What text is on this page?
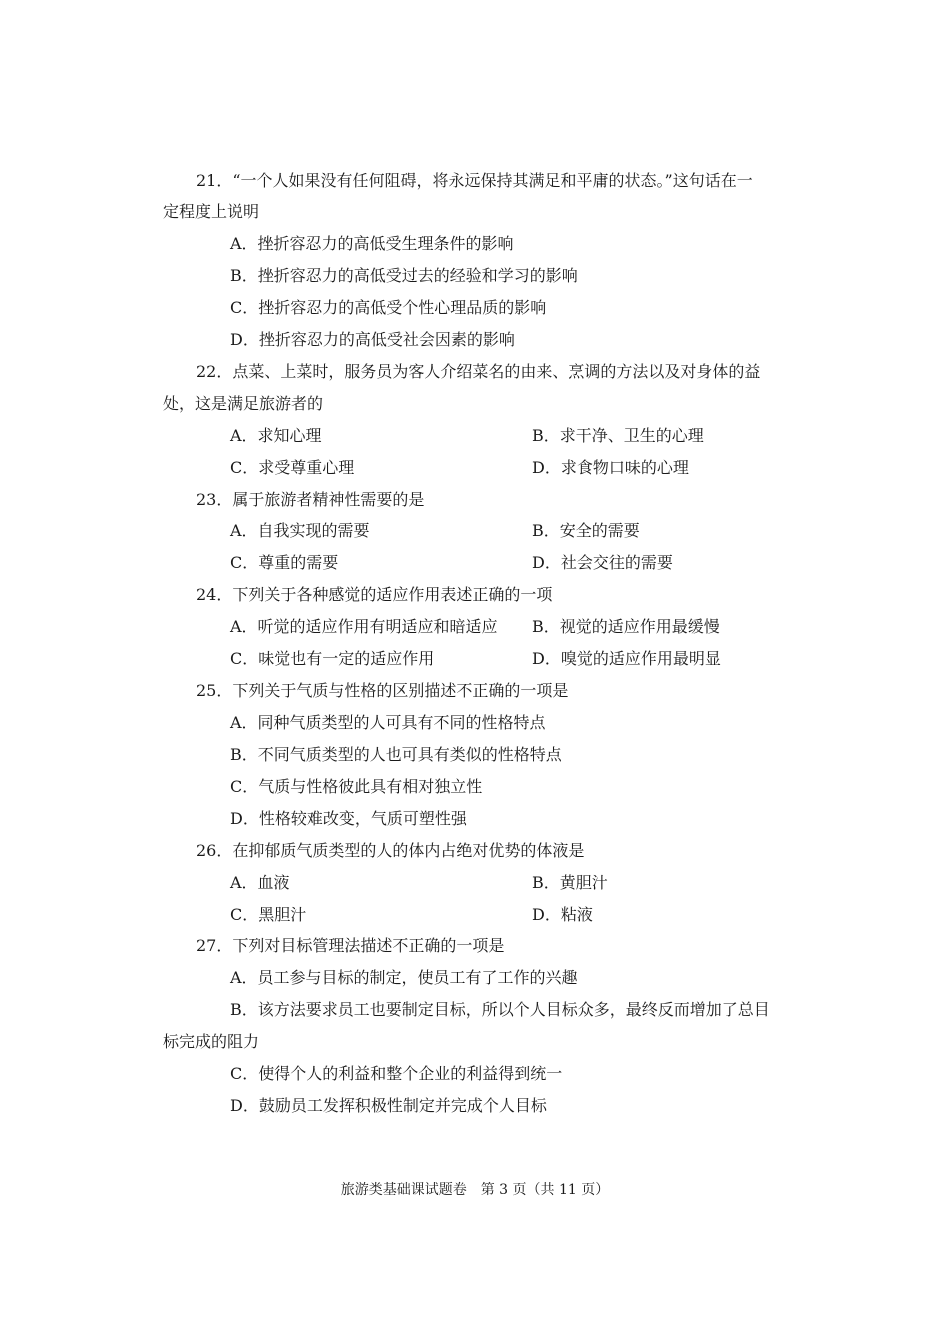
21．“一个人如果没有任何阻碍，将永远保持其满足和平庸的状态。”这句话在一
定程度上说明
A．挫折容忍力的高低受生理条件的影响
B．挫折容忍力的高低受过去的经验和学习的影响
C．挫折容忍力的高低受个性心理品质的影响
D．挫折容忍力的高低受社会因素的影响
22．点菜、上菜时，服务员为客人介绍菜名的由来、烹调的方法以及对身体的益
处，这是满足旅游者的
A．求知心理	B．求干净、卫生的心理
C．求受尊重心理	D．求食物口味的心理
23．属于旅游者精神性需要的是
A．自我实现的需要	B．安全的需要
C．尊重的需要	D．社会交往的需要
24．下列关于各种感觉的适应作用表述正确的一项
A．听觉的适应作用有明适应和暗适应 B．视觉的适应作用最缓慢
C．味觉也有一定的适应作用	D．嗅觉的适应作用最明显
25．下列关于气质与性格的区别描述不正确的一项是
A．同种气质类型的人可具有不同的性格特点
B．不同气质类型的人也可具有类似的性格特点
C．气质与性格彼此具有相对独立性
D．性格较难改变，气质可塑性强
26．在抑郁质气质类型的人的体内占绝对优势的体液是
A．血液	B．黄胆汁
C．黑胆汁	D．粘液
27．下列对目标管理法描述不正确的一项是
A．员工参与目标的制定，使员工有了工作的兴趣
B．该方法要求员工也要制定目标，所以个人目标众多，最终反而增加了总目
标完成的阻力
C．使得个人的利益和整个企业的利益得到统一
D．鼓励员工发挥积极性制定并完成个人目标
旅游类基础课试题卷　第 3 页（共 11 页）
